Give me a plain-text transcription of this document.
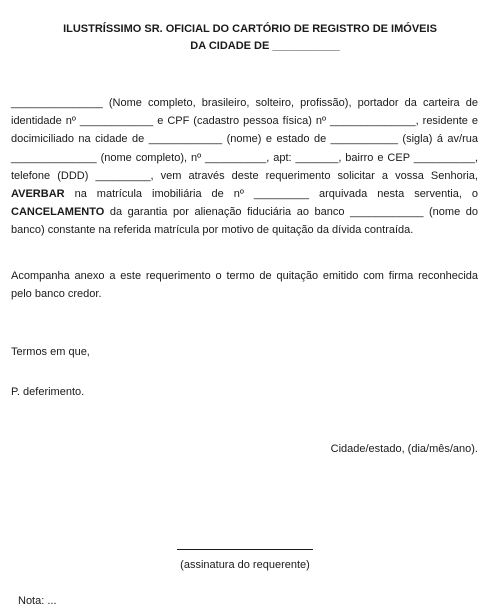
ILUSTRÍSSIMO SR. OFICIAL DO CARTÓRIO DE REGISTRO DE IMÓVEIS
DA CIDADE DE ___________
_______________ (Nome completo, brasileiro, solteiro, profissão), portador da carteira de identidade nº ____________ e CPF (cadastro pessoa física) nº ______________, residente e docimiciliado na cidade de ____________ (nome) e estado de ___________ (sigla) á av/rua ______________ (nome completo), nº __________, apt: _______, bairro e CEP __________, telefone (DDD) _________, vem através deste requerimento solicitar a vossa Senhoria, AVERBAR na matrícula imobiliária de nº _________ arquivada nesta serventia, o CANCELAMENTO da garantia por alienação fiduciária ao banco ____________ (nome do banco) constante na referida matrícula por motivo de quitação da dívida contraída.
Acompanha anexo a este requerimento o termo de quitação emitido com firma reconhecida pelo banco credor.
Termos em que,
P. deferimento.
Cidade/estado, (dia/mês/ano).
(assinatura do requerente)
Nota: ...
